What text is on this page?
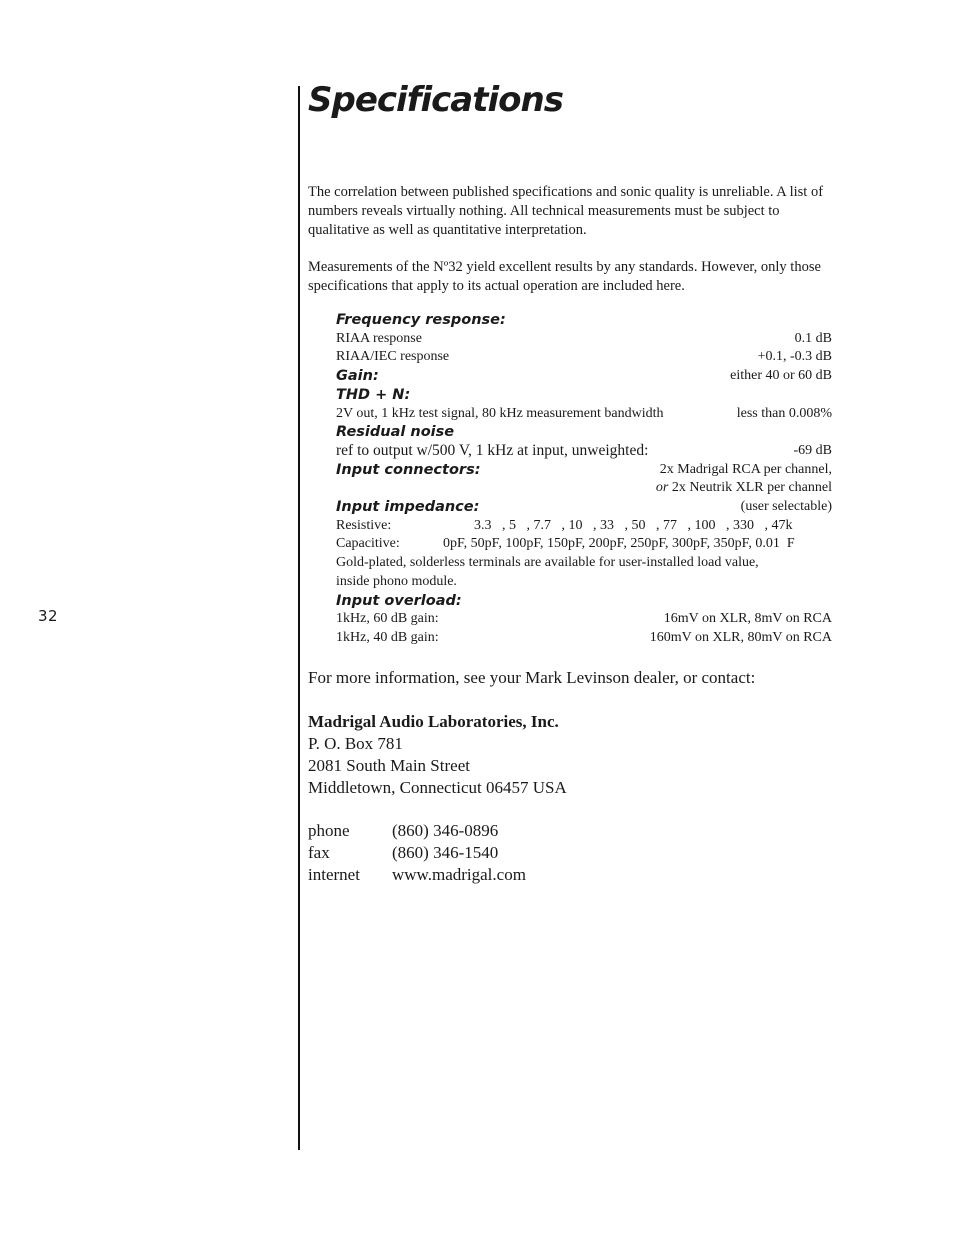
32
Specifications

The correlation between published specifications and sonic quality is unreliable. A list of numbers reveals virtually nothing. All technical measurements must be subject to qualitative as well as quantitative interpretation.

Measurements of the Nº32 yield excellent results by any standards. However, only those specifications that apply to its actual operation are included here.

Frequency response:
RIAA response	0.1 dB
RIAA/IEC response	+0.1, -0.3 dB
Gain:	either 40 or 60 dB
THD + N:
2V out, 1 kHz test signal, 80 kHz measurement bandwidth	less than 0.008%
Residual noise
ref to output w/500 V, 1 kHz at input, unweighted:	-69 dB
Input connectors:	2x Madrigal RCA per channel,
or 2x Neutrik XLR per channel
Input impedance:	(user selectable)
Resistive:	3.3   , 5   , 7.7   , 10   , 33   , 50   , 77   , 100   , 330   , 47k
Capacitive:	0pF, 50pF, 100pF, 150pF, 200pF, 250pF, 300pF, 350pF, 0.01  F
Gold-plated, solderless terminals are available for user-installed load value,
inside phono module.
Input overload:
1kHz, 60 dB gain:	16mV on XLR, 8mV on RCA
1kHz, 40 dB gain:	160mV on XLR, 80mV on RCA
For more information, see your Mark Levinson dealer, or contact:
Madrigal Audio Laboratories, Inc.
P. O. Box 781
2081 South Main Street
Middletown, Connecticut 06457 USA
phone (860) 346-0896
fax	(860) 346-1540
internet www.madrigal.com
